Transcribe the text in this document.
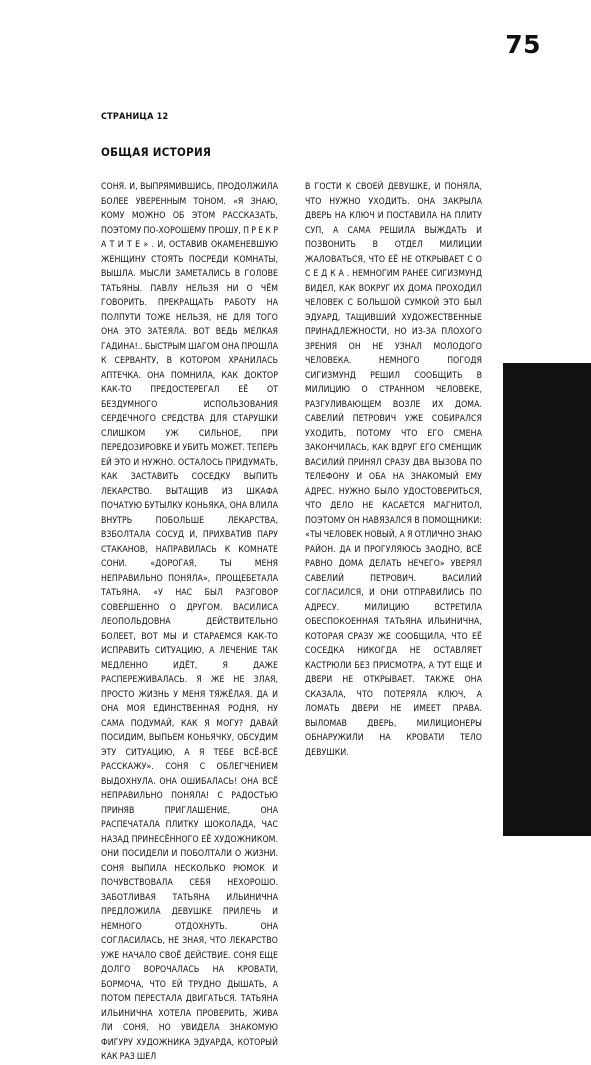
75
СТРАНИЦА 12
ОБЩАЯ ИСТОРИЯ

СОНЯ. И, ВЫПРЯМИВШИСЬ, ПРОДОЛЖИЛА БОЛЕЕ УВЕРЕННЫМ ТОНОМ. «Я ЗНАЮ, КОМУ МОЖНО ОБ ЭТОМ РАССКАЗАТЬ, ПОЭТОМУ ПО-ХОРОШЕМУ ПРОШУ, П Р Е К Р А Т И Т Е » . И, ОСТАВИВ ОКАМЕНЕВШУЮ ЖЕНЩИНУ СТОЯТЬ ПОСРЕДИ КОМНАТЫ, ВЫШЛА. МЫСЛИ ЗАМЕТАЛИСЬ В ГОЛОВЕ ТАТЬЯНЫ. ПАВЛУ НЕЛЬЗЯ НИ О ЧЁМ ГОВОРИТЬ. ПРЕКРАЩАТЬ РАБОТУ НА ПОЛПУТИ ТОЖЕ НЕЛЬЗЯ, НЕ ДЛЯ ТОГО ОНА ЭТО ЗАТЕЯЛА. ВОТ ВЕДЬ МЕЛКАЯ ГАДИНА!.. БЫСТРЫМ ШАГОМ ОНА ПРОШЛА К СЕРВАНТУ, В КОТОРОМ ХРАНИЛАСЬ АПТЕЧКА. ОНА ПОМНИЛА, КАК ДОКТОР КАК-ТО ПРЕДОСТЕРЕГАЛ ЕЁ ОТ БЕЗДУМНОГО ИСПОЛЬЗОВАНИЯ СЕРДЕЧНОГО СРЕДСТВА ДЛЯ СТАРУШКИ СЛИШКОМ УЖ СИЛЬНОЕ, ПРИ ПЕРЕДОЗИРОВКЕ И УБИТЬ МОЖЕТ. ТЕПЕРЬ ЕЙ ЭТО И НУЖНО. ОСТАЛОСЬ ПРИДУМАТЬ, КАК ЗАСТАВИТЬ СОСЕДКУ ВЫПИТЬ ЛЕКАРСТВО. ВЫТАЩИВ ИЗ ШКАФА ПОЧАТУЮ БУТЫЛКУ КОНЬЯКА, ОНА ВЛИЛА ВНУТРЬ ПОБОЛЬШЕ ЛЕКАРСТВА, ВЗБОЛТАЛА СОСУД И, ПРИХВАТИВ ПАРУ СТАКАНОВ, НАПРАВИЛАСЬ К КОМНАТЕ СОНИ. «ДОРОГАЯ, ТЫ МЕНЯ НЕПРАВИЛЬНО ПОНЯЛА», ПРОЩЕБЕТАЛА ТАТЬЯНА. «У НАС БЫЛ РАЗГОВОР СОВЕРШЕННО О ДРУГОМ. ВАСИЛИСА ЛЕОПОЛЬДОВНА ДЕЙСТВИТЕЛЬНО БОЛЕЕТ, ВОТ МЫ И СТАРАЕМСЯ КАК-ТО ИСПРАВИТЬ СИТУАЦИЮ, А ЛЕЧЕНИЕ ТАК МЕДЛЕННО ИДЁТ, Я ДАЖЕ РАСПЕРЕЖИВАЛАСЬ. Я ЖЕ НЕ ЗЛАЯ, ПРОСТО ЖИЗНЬ У МЕНЯ ТЯЖЁЛАЯ. ДА И ОНА МОЯ ЕДИНСТВЕННАЯ РОДНЯ, НУ САМА ПОДУМАЙ, КАК Я МОГУ? ДАВАЙ ПОСИДИМ, ВЫПЬЕМ КОНЬЯЧКУ, ОБСУДИМ ЭТУ СИТУАЦИЮ, А Я ТЕБЕ ВСЁ-ВСЁ РАССКАЖУ». СОНЯ С ОБЛЕГЧЕНИЕМ ВЫДОХНУЛА. ОНА ОШИБАЛАСЬ! ОНА ВСЁ НЕПРАВИЛЬНО ПОНЯЛА! С РАДОСТЬЮ ПРИНЯВ ПРИГЛАШЕНИЕ, ОНА РАСПЕЧАТАЛА ПЛИТКУ ШОКОЛАДА, ЧАС НАЗАД ПРИНЕСЁННОГО ЕЁ ХУДОЖНИКОМ. ОНИ ПОСИДЕЛИ И ПОБОЛТАЛИ О ЖИЗНИ. СОНЯ ВЫПИЛА НЕСКОЛЬКО РЮМОК И ПОЧУВСТВОВАЛА СЕБЯ НЕХОРОШО. ЗАБОТЛИВАЯ ТАТЬЯНА ИЛЬИНИЧНА ПРЕДЛОЖИЛА ДЕВУШКЕ ПРИЛЕЧЬ И НЕМНОГО ОТДОХНУТЬ. ОНА СОГЛАСИЛАСЬ, НЕ ЗНАЯ, ЧТО ЛЕКАРСТВО УЖЕ НАЧАЛО СВОЁ ДЕЙСТВИЕ. СОНЯ ЕЩЕ ДОЛГО ВОРОЧАЛАСЬ НА КРОВАТИ, БОРМОЧА, ЧТО ЕЙ ТРУДНО ДЫШАТЬ, А ПОТОМ ПЕРЕСТАЛА ДВИГАТЬСЯ. ТАТЬЯНА ИЛЬИНИЧНА ХОТЕЛА ПРОВЕРИТЬ, ЖИВА ЛИ СОНЯ, НО УВИДЕЛА ЗНАКОМУЮ ФИГУРУ ХУДОЖНИКА ЭДУАРДА, КОТОРЫЙ КАК РАЗ ШЕЛ

В ГОСТИ К СВОЕЙ ДЕВУШКЕ, И ПОНЯЛА, ЧТО НУЖНО УХОДИТЬ. ОНА ЗАКРЫЛА ДВЕРЬ НА КЛЮЧ И ПОСТАВИЛА НА ПЛИТУ СУП, А САМА РЕШИЛА ВЫЖДАТЬ И ПОЗВОНИТЬ В ОТДЕЛ МИЛИЦИИ ЖАЛОВАТЬСЯ, ЧТО ЕЁ НЕ ОТКРЫВАЕТ С О С Е Д К А . НЕМНОГИМ РАНЕЕ СИГИЗМУНД ВИДЕЛ, КАК ВОКРУГ ИХ ДОМА ПРОХОДИЛ ЧЕЛОВЕК С БОЛЬШОЙ СУМКОЙ ЭТО БЫЛ ЭДУАРД, ТАЩИВШИЙ ХУДОЖЕСТВЕННЫЕ ПРИНАДЛЕЖНОСТИ, НО ИЗ-ЗА ПЛОХОГО ЗРЕНИЯ ОН НЕ УЗНАЛ МОЛОДОГО ЧЕЛОВЕКА. НЕМНОГО ПОГОДЯ СИГИЗМУНД РЕШИЛ СООБЩИТЬ В МИЛИЦИЮ О СТРАННОМ ЧЕЛОВЕКЕ, РАЗГУЛИВАЮЩЕМ ВОЗЛЕ ИХ ДОМА. САВЕЛИЙ ПЕТРОВИЧ УЖЕ СОБИРАЛСЯ УХОДИТЬ, ПОТОМУ ЧТО ЕГО СМЕНА ЗАКОНЧИЛАСЬ, КАК ВДРУГ ЕГО СМЕНЩИК ВАСИЛИЙ ПРИНЯЛ СРАЗУ ДВА ВЫЗОВА ПО ТЕЛЕФОНУ И ОБА НА ЗНАКОМЫЙ ЕМУ АДРЕС. НУЖНО БЫЛО УДОСТОВЕРИТЬСЯ, ЧТО ДЕЛО НЕ КАСАЕТСЯ МАГНИТОЛ, ПОЭТОМУ ОН НАВЯЗАЛСЯ В ПОМОЩНИКИ: «ТЫ ЧЕЛОВЕК НОВЫЙ, А Я ОТЛИЧНО ЗНАЮ РАЙОН. ДА И ПРОГУЛЯЮСЬ ЗАОДНО, ВСЁ РАВНО ДОМА ДЕЛАТЬ НЕЧЕГО» УВЕРЯЛ САВЕЛИЙ ПЕТРОВИЧ. ВАСИЛИЙ СОГЛАСИЛСЯ, И ОНИ ОТПРАВИЛИСЬ ПО АДРЕСУ. МИЛИЦИЮ ВСТРЕТИЛА ОБЕСПОКОЕННАЯ ТАТЬЯНА ИЛЬИНИЧНА, КОТОРАЯ СРАЗУ ЖЕ СООБЩИЛА, ЧТО ЕЁ СОСЕДКА НИКОГДА НЕ ОСТАВЛЯЕТ КАСТРЮЛИ БЕЗ ПРИСМОТРА, А ТУТ ЕЩЕ И ДВЕРИ НЕ ОТКРЫВАЕТ. ТАКЖЕ ОНА СКАЗАЛА, ЧТО ПОТЕРЯЛА КЛЮЧ, А ЛОМАТЬ ДВЕРИ НЕ ИМЕЕТ ПРАВА. ВЫЛОМАВ ДВЕРЬ, МИЛИЦИОНЕРЫ ОБНАРУЖИЛИ НА КРОВАТИ ТЕЛО ДЕВУШКИ.
